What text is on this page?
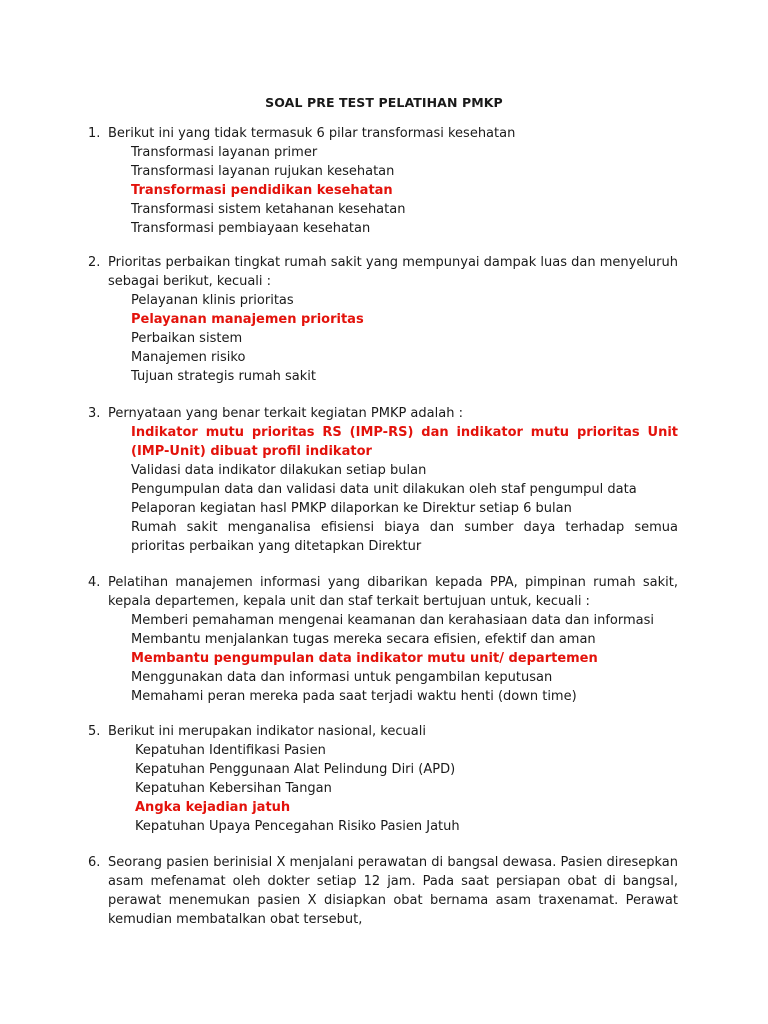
SOAL PRE TEST PELATIHAN PMKP
1. Berikut ini yang tidak termasuk 6 pilar transformasi kesehatan
Transformasi layanan primer
Transformasi layanan rujukan kesehatan
Transformasi pendidikan kesehatan
Transformasi sistem ketahanan kesehatan
Transformasi pembiayaan kesehatan
2. Prioritas perbaikan tingkat rumah sakit yang mempunyai dampak luas dan menyeluruh sebagai berikut, kecuali :
Pelayanan klinis prioritas
Pelayanan manajemen prioritas
Perbaikan sistem
Manajemen risiko
Tujuan strategis rumah sakit
3. Pernyataan yang benar terkait kegiatan PMKP adalah :
Indikator mutu prioritas RS (IMP-RS) dan indikator mutu prioritas Unit (IMP-Unit) dibuat profil indikator
Validasi data indikator dilakukan setiap bulan
Pengumpulan data dan validasi data unit dilakukan oleh staf pengumpul data
Pelaporan kegiatan hasl PMKP dilaporkan ke Direktur setiap 6 bulan
Rumah sakit menganalisa efisiensi biaya dan sumber daya terhadap semua prioritas perbaikan yang ditetapkan Direktur
4. Pelatihan manajemen informasi yang dibarikan kepada PPA, pimpinan rumah sakit, kepala departemen, kepala unit dan staf terkait bertujuan untuk, kecuali :
Memberi pemahaman mengenai keamanan dan kerahasiaan data dan informasi
Membantu menjalankan tugas mereka secara efisien, efektif dan aman
Membantu pengumpulan data indikator mutu unit/ departemen
Menggunakan data dan informasi untuk pengambilan keputusan
Memahami peran mereka pada saat terjadi waktu henti (down time)
5. Berikut ini merupakan indikator nasional, kecuali
Kepatuhan Identifikasi Pasien
Kepatuhan Penggunaan Alat Pelindung Diri (APD)
Kepatuhan Kebersihan Tangan
Angka kejadian jatuh
Kepatuhan Upaya Pencegahan Risiko Pasien Jatuh
6. Seorang pasien berinisial X menjalani perawatan di bangsal dewasa. Pasien diresepkan asam mefenamat oleh dokter setiap 12 jam. Pada saat persiapan obat di bangsal, perawat menemukan pasien X disiapkan obat bernama asam traxenamat. Perawat kemudian membatalkan obat tersebut,
